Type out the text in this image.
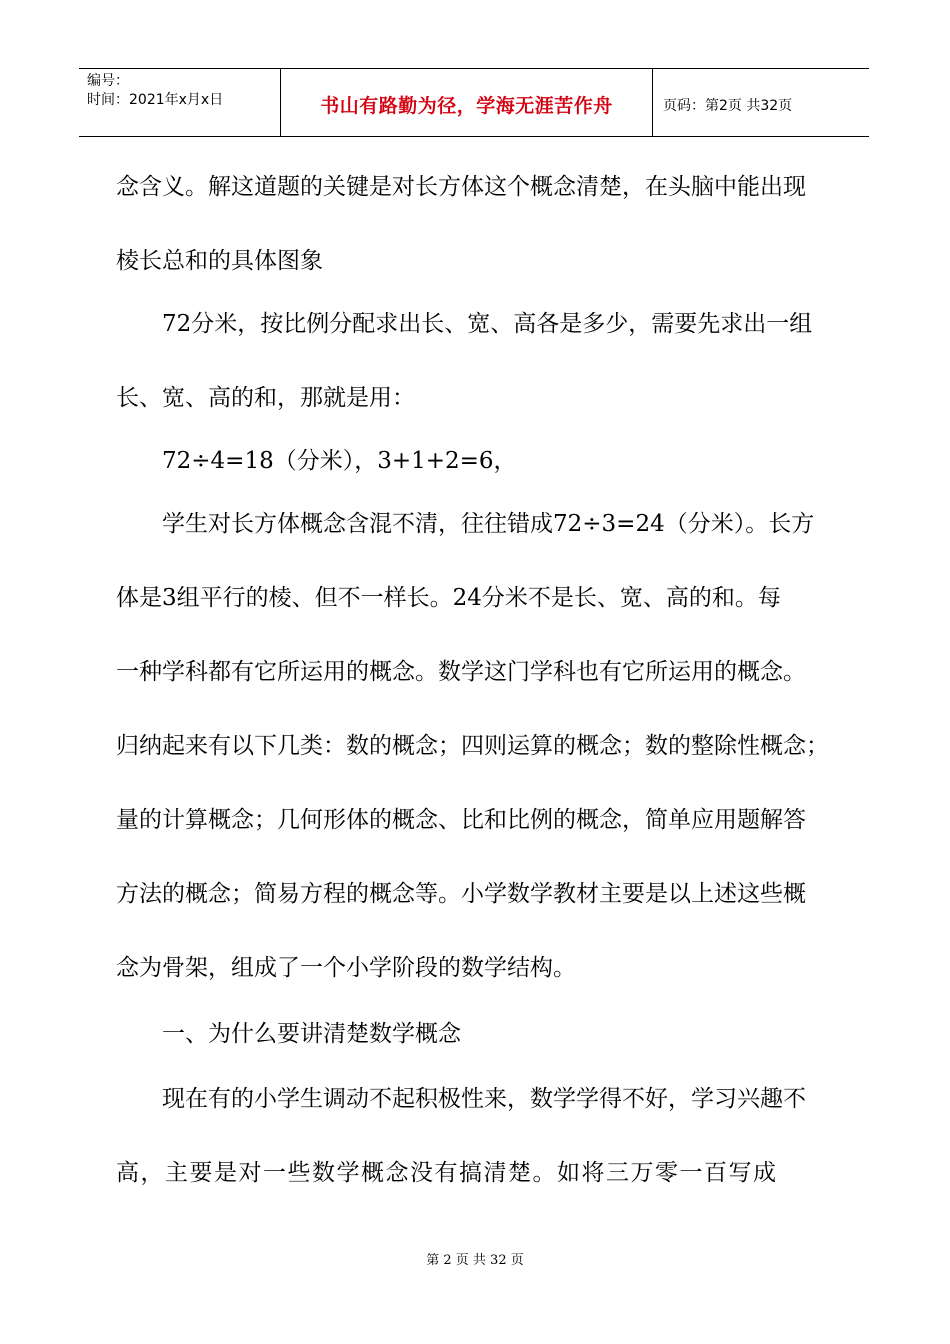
编号：
时间：2021年x月x日	书山有路勤为径，学海无涯苦作舟	页码：第2页 共32页
念含义。解这道题的关键是对长方体这个概念清楚，在头脑中能出现
棱长总和的具体图象
　　72分米，按比例分配求出长、宽、高各是多少，需要先求出一组
长、宽、高的和，那就是用：
　　72÷4=18（分米），3+1+2=6，
　　学生对长方体概念含混不清，往往错成72÷3=24（分米）。长方
体是3组平行的棱、但不一样长。24分米不是长、宽、高的和。每
一种学科都有它所运用的概念。数学这门学科也有它所运用的概念。
归纳起来有以下几类：数的概念；四则运算的概念；数的整除性概念；
量的计算概念；几何形体的概念、比和比例的概念，简单应用题解答
方法的概念；简易方程的概念等。小学数学教材主要是以上述这些概
念为骨架，组成了一个小学阶段的数学结构。
　　一、为什么要讲清楚数学概念
　　现在有的小学生调动不起积极性来，数学学得不好，学习兴趣不
高，主要是对一些数学概念没有搞清楚。如将三万零一百写成
第 2 页 共 32 页
